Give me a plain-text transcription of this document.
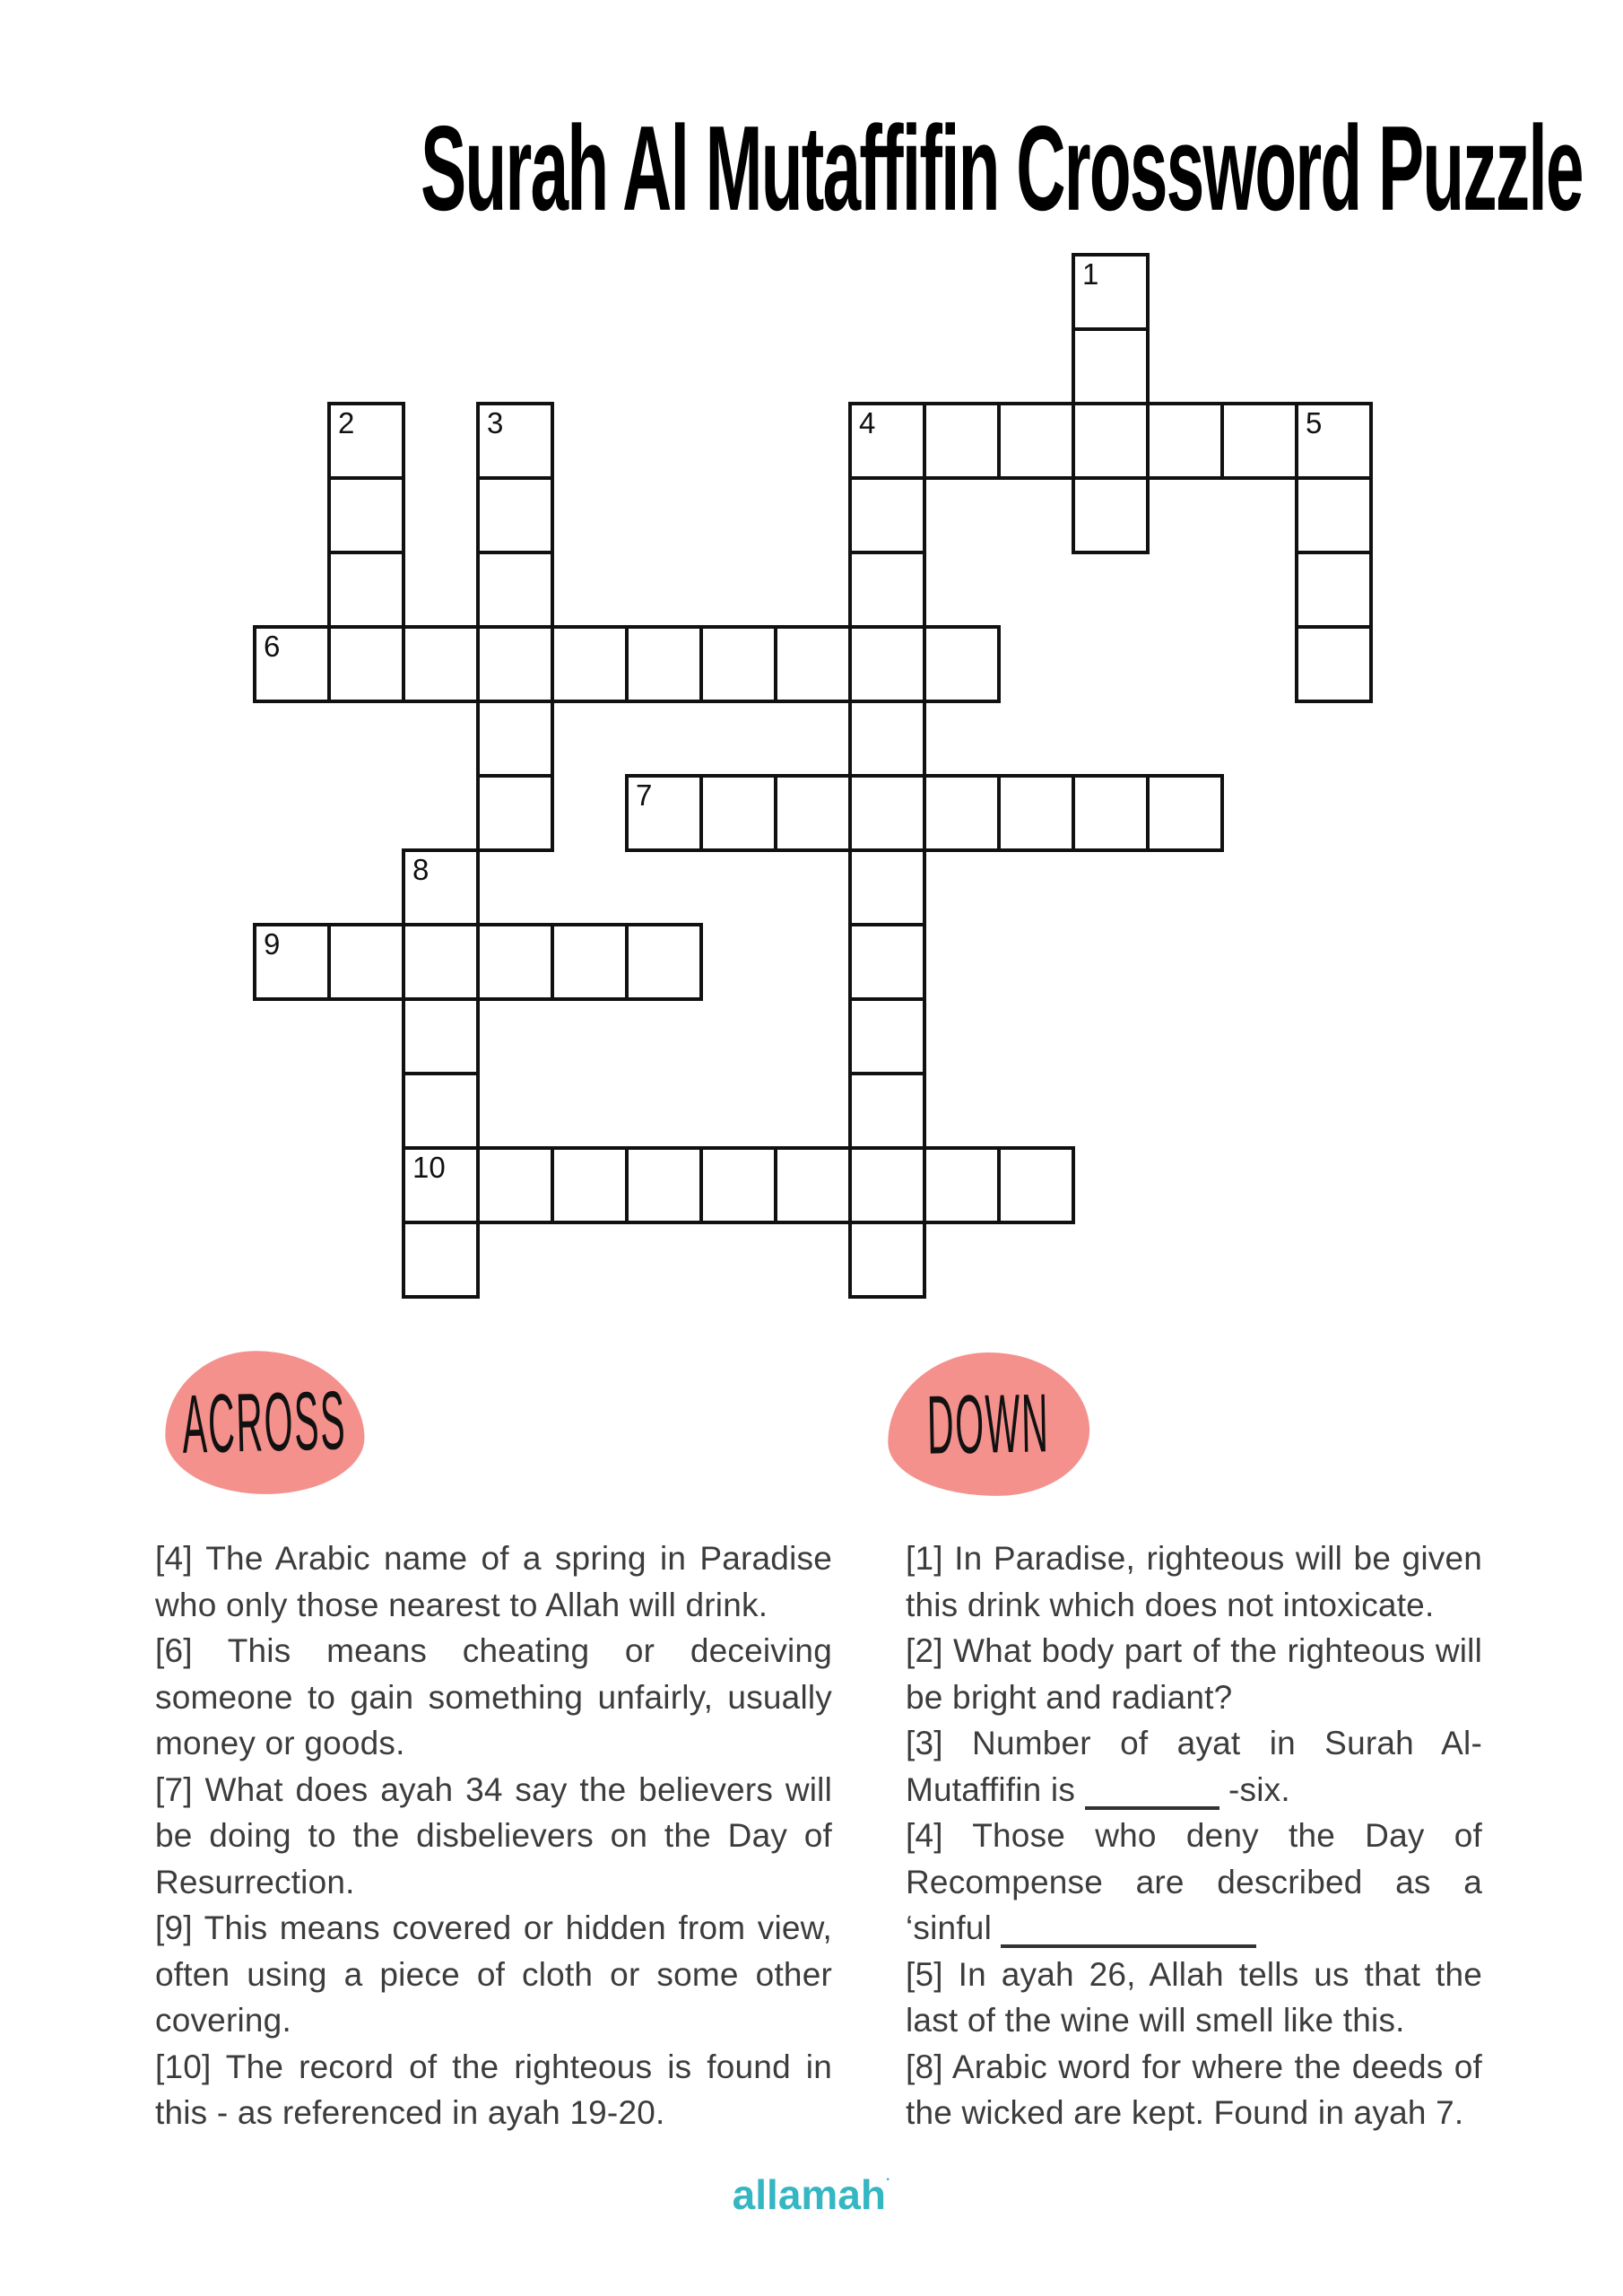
Surah Al Mutaffifin Crossword Puzzle
1
2	3	4	5
6
7
8
10
9
ACROSS	DOWN
[4] The Arabic name of a spring in Paradise who only those nearest to Allah will drink.
[6] This means cheating or deceiving someone to gain something unfairly, usually money or goods.
[7] What does ayah 34 say the believers will be doing to the disbelievers on the Day of Resurrection.
[9] This means covered or hidden from view, often using a piece of cloth or some other covering.
[10] The record of the righteous is found in this - as referenced in ayah 19-20.
[1] In Paradise, righteous will be given this drink which does not intoxicate.
[2] What body part of the righteous will be bright and radiant?
[3] Number of ayat in Surah Al-Mutaffifin is	-six.
[4] Those who deny the Day of Recompense are described as a ‘sinful
[5] In ayah 26, Allah tells us that the last of the wine will smell like this.
[8] Arabic word for where the deeds of the wicked are kept. Found in ayah 7.
allamah·
